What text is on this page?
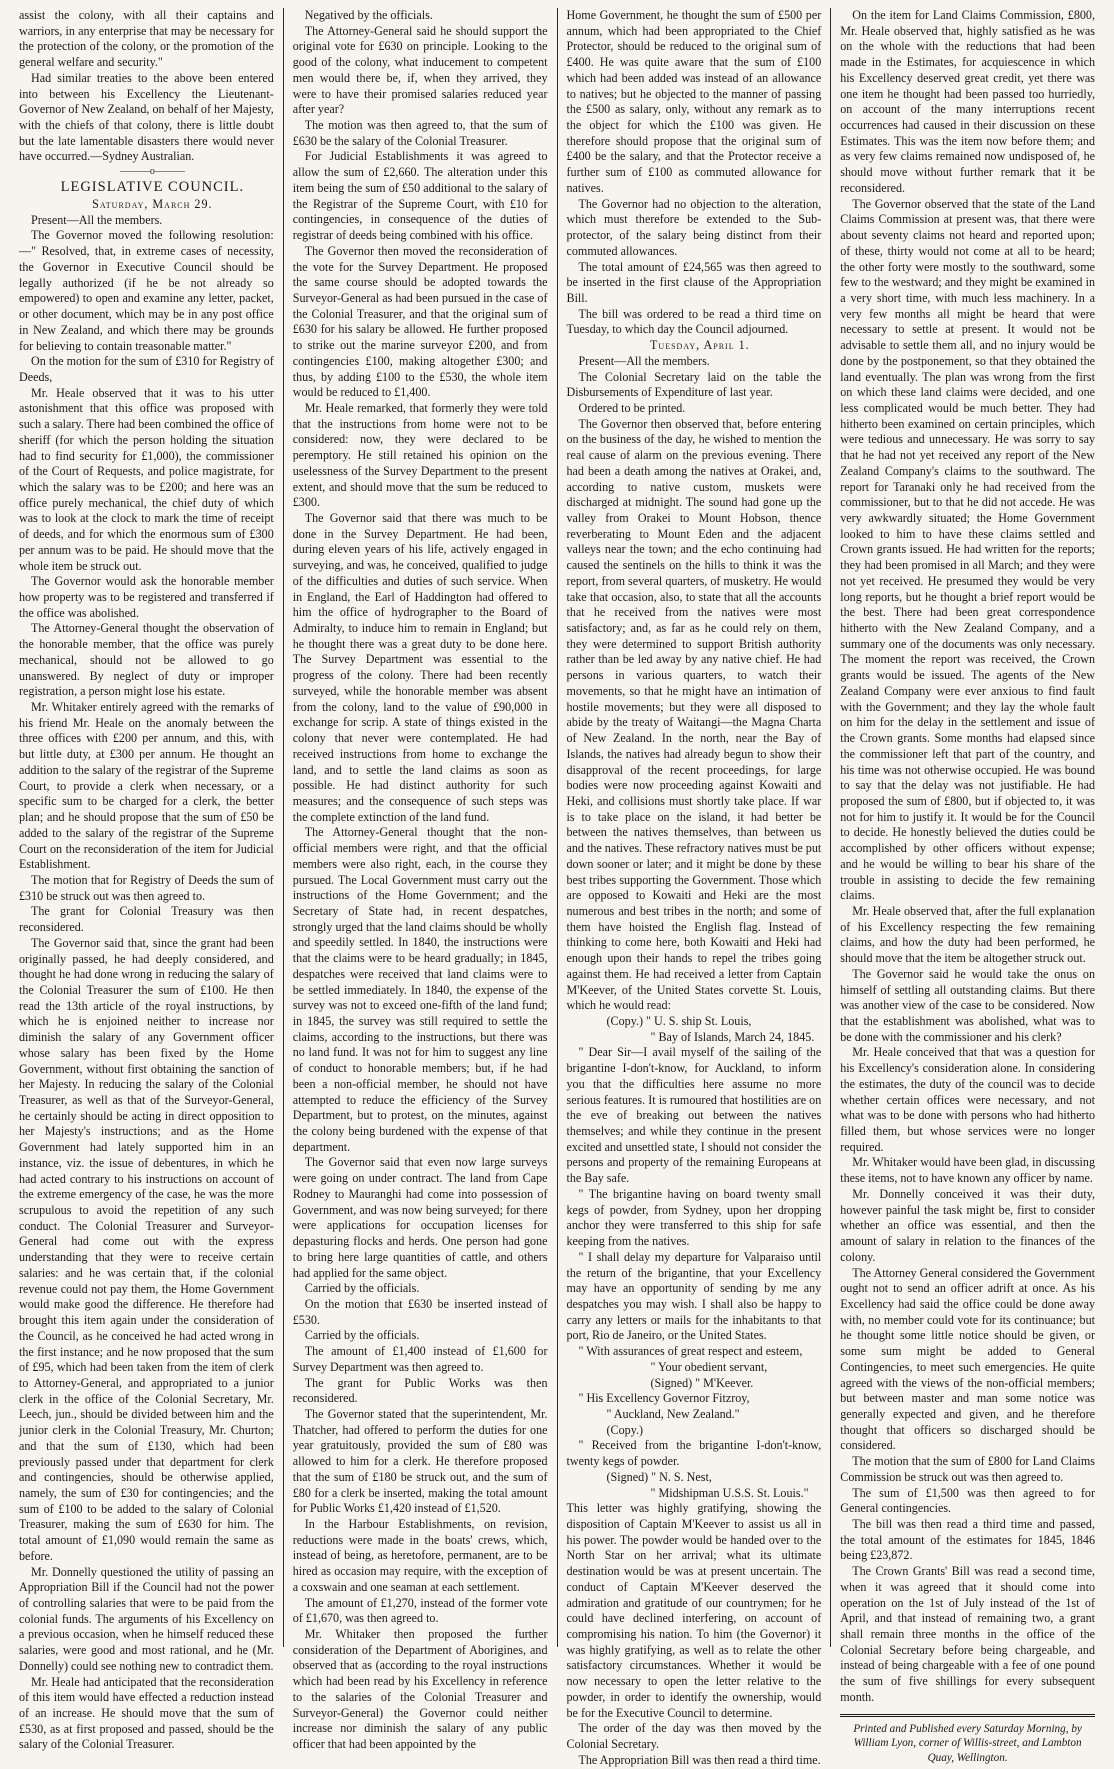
assist the colony, with all their captains and warriors, in any enterprise that may be necessary for the protection of the colony, or the promotion of the general welfare and security."

Had similar treaties to the above been entered into between his Excellency the Lieutenant-Governor of New Zealand, on behalf of her Majesty, with the chiefs of that colony, there is little doubt but the late lamentable disasters there would never have occurred.—Sydney Australian.

———o———

LEGISLATIVE COUNCIL.

Saturday, March 29.

Present—All the members.

The Governor moved the following resolution:—" Resolved, that, in extreme cases of necessity, the Governor in Executive Council should be legally authorized (if he be not already so empowered) to open and examine any letter, packet, or other document, which may be in any post office in New Zealand, and which there may be grounds for believing to contain treasonable matter."

On the motion for the sum of £310 for Registry of Deeds,

Mr. Heale observed that it was to his utter astonishment that this office was proposed with such a salary. There had been combined the office of sheriff (for which the person holding the situation had to find security for £1,000), the commissioner of the Court of Requests, and police magistrate, for which the salary was to be £200; and here was an office purely mechanical, the chief duty of which was to look at the clock to mark the time of receipt of deeds, and for which the enormous sum of £300 per annum was to be paid. He should move that the whole item be struck out.

The Governor would ask the honorable member how property was to be registered and transferred if the office was abolished.

The Attorney-General thought the observation of the honorable member, that the office was purely mechanical, should not be allowed to go unanswered. By neglect of duty or improper registration, a person might lose his estate.

Mr. Whitaker entirely agreed with the remarks of his friend Mr. Heale on the anomaly between the three offices with £200 per annum, and this, with but little duty, at £300 per annum. He thought an addition to the salary of the registrar of the Supreme Court, to provide a clerk when necessary, or a specific sum to be charged for a clerk, the better plan; and he should propose that the sum of £50 be added to the salary of the registrar of the Supreme Court on the reconsideration of the item for Judicial Establishment.

The motion that for Registry of Deeds the sum of £310 be struck out was then agreed to.

The grant for Colonial Treasury was then reconsidered.

The Governor said that, since the grant had been originally passed, he had deeply considered, and thought he had done wrong in reducing the salary of the Colonial Treasurer the sum of £100. He then read the 13th article of the royal instructions, by which he is enjoined neither to increase nor diminish the salary of any Government officer whose salary has been fixed by the Home Government, without first obtaining the sanction of her Majesty. In reducing the salary of the Colonial Treasurer, as well as that of the Surveyor-General, he certainly should be acting in direct opposition to her Majesty's instructions; and as the Home Government had lately supported him in an instance, viz. the issue of debentures, in which he had acted contrary to his instructions on account of the extreme emergency of the case, he was the more scrupulous to avoid the repetition of any such conduct. The Colonial Treasurer and Surveyor-General had come out with the express understanding that they were to receive certain salaries: and he was certain that, if the colonial revenue could not pay them, the Home Government would make good the difference. He therefore had brought this item again under the consideration of the Council, as he conceived he had acted wrong in the first instance; and he now proposed that the sum of £95, which had been taken from the item of clerk to Attorney-General, and appropriated to a junior clerk in the office of the Colonial Secretary, Mr. Leech, jun., should be divided between him and the junior clerk in the Colonial Treasury, Mr. Churton; and that the sum of £130, which had been previously passed under that department for clerk and contingencies, should be otherwise applied, namely, the sum of £30 for contingencies; and the sum of £100 to be added to the salary of Colonial Treasurer, making the sum of £630 for him. The total amount of £1,090 would remain the same as before.

Mr. Donnelly questioned the utility of passing an Appropriation Bill if the Council had not the power of controlling salaries that were to be paid from the colonial funds. The arguments of his Excellency on a previous occasion, when he himself reduced these salaries, were good and most rational, and he (Mr. Donnelly) could see nothing new to contradict them.

Mr. Heale had anticipated that the reconsideration of this item would have effected a reduction instead of an increase. He should move that the sum of £530, as at first proposed and passed, should be the salary of the Colonial Treasurer.

Negatived by the officials.

The Attorney-General said he should support the original vote for £630 on principle. Looking to the good of the colony, what inducement to competent men would there be, if, when they arrived, they were to have their promised salaries reduced year after year?

The motion was then agreed to, that the sum of £630 be the salary of the Colonial Treasurer.

For Judicial Establishments it was agreed to allow the sum of £2,660. The alteration under this item being the sum of £50 additional to the salary of the Registrar of the Supreme Court, with £10 for contingencies, in consequence of the duties of registrar of deeds being combined with his office.

The Governor then moved the reconsideration of the vote for the Survey Department. He proposed the same course should be adopted towards the Surveyor-General as had been pursued in the case of the Colonial Treasurer, and that the original sum of £630 for his salary be allowed. He further proposed to strike out the marine surveyor £200, and from contingencies £100, making altogether £300; and thus, by adding £100 to the £530, the whole item would be reduced to £1,400.

Mr. Heale remarked, that formerly they were told that the instructions from home were not to be considered: now, they were declared to be peremptory. He still retained his opinion on the uselessness of the Survey Department to the present extent, and should move that the sum be reduced to £300.

The Governor said that there was much to be done in the Survey Department. He had been, during eleven years of his life, actively engaged in surveying, and was, he conceived, qualified to judge of the difficulties and duties of such service. When in England, the Earl of Haddington had offered to him the office of hydrographer to the Board of Admiralty, to induce him to remain in England; but he thought there was a great duty to be done here. The Survey Department was essential to the progress of the colony. There had been recently surveyed, while the honorable member was absent from the colony, land to the value of £90,000 in exchange for scrip. A state of things existed in the colony that never were contemplated. He had received instructions from home to exchange the land, and to settle the land claims as soon as possible. He had distinct authority for such measures; and the consequence of such steps was the complete extinction of the land fund.

The Attorney-General thought that the non-official members were right, and that the official members were also right, each, in the course they pursued. The Local Government must carry out the instructions of the Home Government; and the Secretary of State had, in recent despatches, strongly urged that the land claims should be wholly and speedily settled. In 1840, the instructions were that the claims were to be heard gradually; in 1845, despatches were received that land claims were to be settled immediately. In 1840, the expense of the survey was not to exceed one-fifth of the land fund; in 1845, the survey was still required to settle the claims, according to the instructions, but there was no land fund. It was not for him to suggest any line of conduct to honorable members; but, if he had been a non-official member, he should not have attempted to reduce the efficiency of the Survey Department, but to protest, on the minutes, against the colony being burdened with the expense of that department.

The Governor said that even now large surveys were going on under contract. The land from Cape Rodney to Mauranghi had come into possession of Government, and was now being surveyed; for there were applications for occupation licenses for depasturing flocks and herds. One person had gone to bring here large quantities of cattle, and others had applied for the same object.

Carried by the officials.

On the motion that £630 be inserted instead of £530.

Carried by the officials.

The amount of £1,400 instead of £1,600 for Survey Department was then agreed to.

The grant for Public Works was then reconsidered.

The Governor stated that the superintendent, Mr. Thatcher, had offered to perform the duties for one year gratuitously, provided the sum of £80 was allowed to him for a clerk. He therefore proposed that the sum of £180 be struck out, and the sum of £80 for a clerk be inserted, making the total amount for Public Works £1,420 instead of £1,520.

In the Harbour Establishments, on revision, reductions were made in the boats' crews, which, instead of being, as heretofore, permanent, are to be hired as occasion may require, with the exception of a coxswain and one seaman at each settlement.

The amount of £1,270, instead of the former vote of £1,670, was then agreed to.

Mr. Whitaker then proposed the further consideration of the Department of Aborigines, and observed that as (according to the royal instructions which had been read by his Excellency in reference to the salaries of the Colonial Treasurer and Surveyor-General) the Governor could neither increase nor diminish the salary of any public officer that had been appointed by the

Home Government, he thought the sum of £500 per annum, which had been appropriated to the Chief Protector, should be reduced to the original sum of £400. He was quite aware that the sum of £100 which had been added was instead of an allowance to natives; but he objected to the manner of passing the £500 as salary, only, without any remark as to the object for which the £100 was given. He therefore should propose that the original sum of £400 be the salary, and that the Protector receive a further sum of £100 as commuted allowance for natives.

The Governor had no objection to the alteration, which must therefore be extended to the Sub-protector, of the salary being distinct from their commuted allowances.

The total amount of £24,565 was then agreed to be inserted in the first clause of the Appropriation Bill.

The bill was ordered to be read a third time on Tuesday, to which day the Council adjourned.

Tuesday, April 1.

Present—All the members.

The Colonial Secretary laid on the table the Disbursements of Expenditure of last year.

Ordered to be printed.

The Governor then observed that, before entering on the business of the day, he wished to mention the real cause of alarm on the previous evening. There had been a death among the natives at Orakei, and, according to native custom, muskets were discharged at midnight. The sound had gone up the valley from Orakei to Mount Hobson, thence reverberating to Mount Eden and the adjacent valleys near the town; and the echo continuing had caused the sentinels on the hills to think it was the report, from several quarters, of musketry. He would take that occasion, also, to state that all the accounts that he received from the natives were most satisfactory; and, as far as he could rely on them, they were determined to support British authority rather than be led away by any native chief. He had persons in various quarters, to watch their movements, so that he might have an intimation of hostile movements; but they were all disposed to abide by the treaty of Waitangi—the Magna Charta of New Zealand. In the north, near the Bay of Islands, the natives had already begun to show their disapproval of the recent proceedings, for large bodies were now proceeding against Kowaiti and Heki, and collisions must shortly take place. If war is to take place on the island, it had better be between the natives themselves, than between us and the natives. These refractory natives must be put down sooner or later; and it might be done by these best tribes supporting the Government. Those which are opposed to Kowaiti and Heki are the most numerous and best tribes in the north; and some of them have hoisted the English flag. Instead of thinking to come here, both Kowaiti and Heki had enough upon their hands to repel the tribes going against them. He had received a letter from Captain M'Keever, of the United States corvette St. Louis, which he would read:

(Copy.) " U. S. ship St. Louis,

" Bay of Islands, March 24, 1845.

" Dear Sir—I avail myself of the sailing of the brigantine I-don't-know, for Auckland, to inform you that the difficulties here assume no more serious features. It is rumoured that hostilities are on the eve of breaking out between the natives themselves; and while they continue in the present excited and unsettled state, I should not consider the persons and property of the remaining Europeans at the Bay safe.

" The brigantine having on board twenty small kegs of powder, from Sydney, upon her dropping anchor they were transferred to this ship for safe keeping from the natives.

" I shall delay my departure for Valparaiso until the return of the brigantine, that your Excellency may have an opportunity of sending by me any despatches you may wish. I shall also be happy to carry any letters or mails for the inhabitants to that port, Rio de Janeiro, or the United States.

" With assurances of great respect and esteem,

" Your obedient servant,

(Signed) " M'Keever.

" His Excellency Governor Fitzroy,

" Auckland, New Zealand."

(Copy.)

" Received from the brigantine I-don't-know, twenty kegs of powder.

(Signed) " N. S. Nest,

" Midshipman U.S.S. St. Louis."

This letter was highly gratifying, showing the disposition of Captain M'Keever to assist us all in his power. The powder would be handed over to the North Star on her arrival; what its ultimate destination would be was at present uncertain. The conduct of Captain M'Keever deserved the admiration and gratitude of our countrymen; for he could have declined interfering, on account of compromising his nation. To him (the Governor) it was highly gratifying, as well as to relate the other satisfactory circumstances. Whether it would be now necessary to open the letter relative to the powder, in order to identify the ownership, would be for the Executive Council to determine.

The order of the day was then moved by the Colonial Secretary.

The Appropriation Bill was then read a third time.

On the item for Land Claims Commission, £800, Mr. Heale observed that, highly satisfied as he was on the whole with the reductions that had been made in the Estimates, for acquiescence in which his Excellency deserved great credit, yet there was one item he thought had been passed too hurriedly, on account of the many interruptions recent occurrences had caused in their discussion on these Estimates. This was the item now before them; and as very few claims remained now undisposed of, he should move without further remark that it be reconsidered.

The Governor observed that the state of the Land Claims Commission at present was, that there were about seventy claims not heard and reported upon; of these, thirty would not come at all to be heard; the other forty were mostly to the southward, some few to the westward; and they might be examined in a very short time, with much less machinery. In a very few months all might be heard that were necessary to settle at present. It would not be advisable to settle them all, and no injury would be done by the postponement, so that they obtained the land eventually. The plan was wrong from the first on which these land claims were decided, and one less complicated would be much better. They had hitherto been examined on certain principles, which were tedious and unnecessary. He was sorry to say that he had not yet received any report of the New Zealand Company's claims to the southward. The report for Taranaki only he had received from the commissioner, but to that he did not accede. He was very awkwardly situated; the Home Government looked to him to have these claims settled and Crown grants issued. He had written for the reports; they had been promised in all March; and they were not yet received. He presumed they would be very long reports, but he thought a brief report would be the best. There had been great correspondence hitherto with the New Zealand Company, and a summary one of the documents was only necessary. The moment the report was received, the Crown grants would be issued. The agents of the New Zealand Company were ever anxious to find fault with the Government; and they lay the whole fault on him for the delay in the settlement and issue of the Crown grants. Some months had elapsed since the commissioner left that part of the country, and his time was not otherwise occupied. He was bound to say that the delay was not justifiable. He had proposed the sum of £800, but if objected to, it was not for him to justify it. It would be for the Council to decide. He honestly believed the duties could be accomplished by other officers without expense; and he would be willing to bear his share of the trouble in assisting to decide the few remaining claims.

Mr. Heale observed that, after the full explanation of his Excellency respecting the few remaining claims, and how the duty had been performed, he should move that the item be altogether struck out.

The Governor said he would take the onus on himself of settling all outstanding claims. But there was another view of the case to be considered. Now that the establishment was abolished, what was to be done with the commissioner and his clerk?

Mr. Heale conceived that that was a question for his Excellency's consideration alone. In considering the estimates, the duty of the council was to decide whether certain offices were necessary, and not what was to be done with persons who had hitherto filled them, but whose services were no longer required.

Mr. Whitaker would have been glad, in discussing these items, not to have known any officer by name.

Mr. Donnelly conceived it was their duty, however painful the task might be, first to consider whether an office was essential, and then the amount of salary in relation to the finances of the colony.

The Attorney General considered the Government ought not to send an officer adrift at once. As his Excellency had said the office could be done away with, no member could vote for its continuance; but he thought some little notice should be given, or some sum might be added to General Contingencies, to meet such emergencies. He quite agreed with the views of the non-official members; but between master and man some notice was generally expected and given, and he therefore thought that officers so discharged should be considered.

The motion that the sum of £800 for Land Claims Commission be struck out was then agreed to.

The sum of £1,500 was then agreed to for General contingencies.

The bill was then read a third time and passed, the total amount of the estimates for 1845, 1846 being £23,872.

The Crown Grants' Bill was read a second time, when it was agreed that it should come into operation on the 1st of July instead of the 1st of April, and that instead of remaining two, a grant shall remain three months in the office of the Colonial Secretary before being chargeable, and instead of being chargeable with a fee of one pound the sum of five shillings for every subsequent month.

Printed and Published every Saturday Morning, by William Lyon, corner of Willis-street, and Lambton Quay, Wellington.
